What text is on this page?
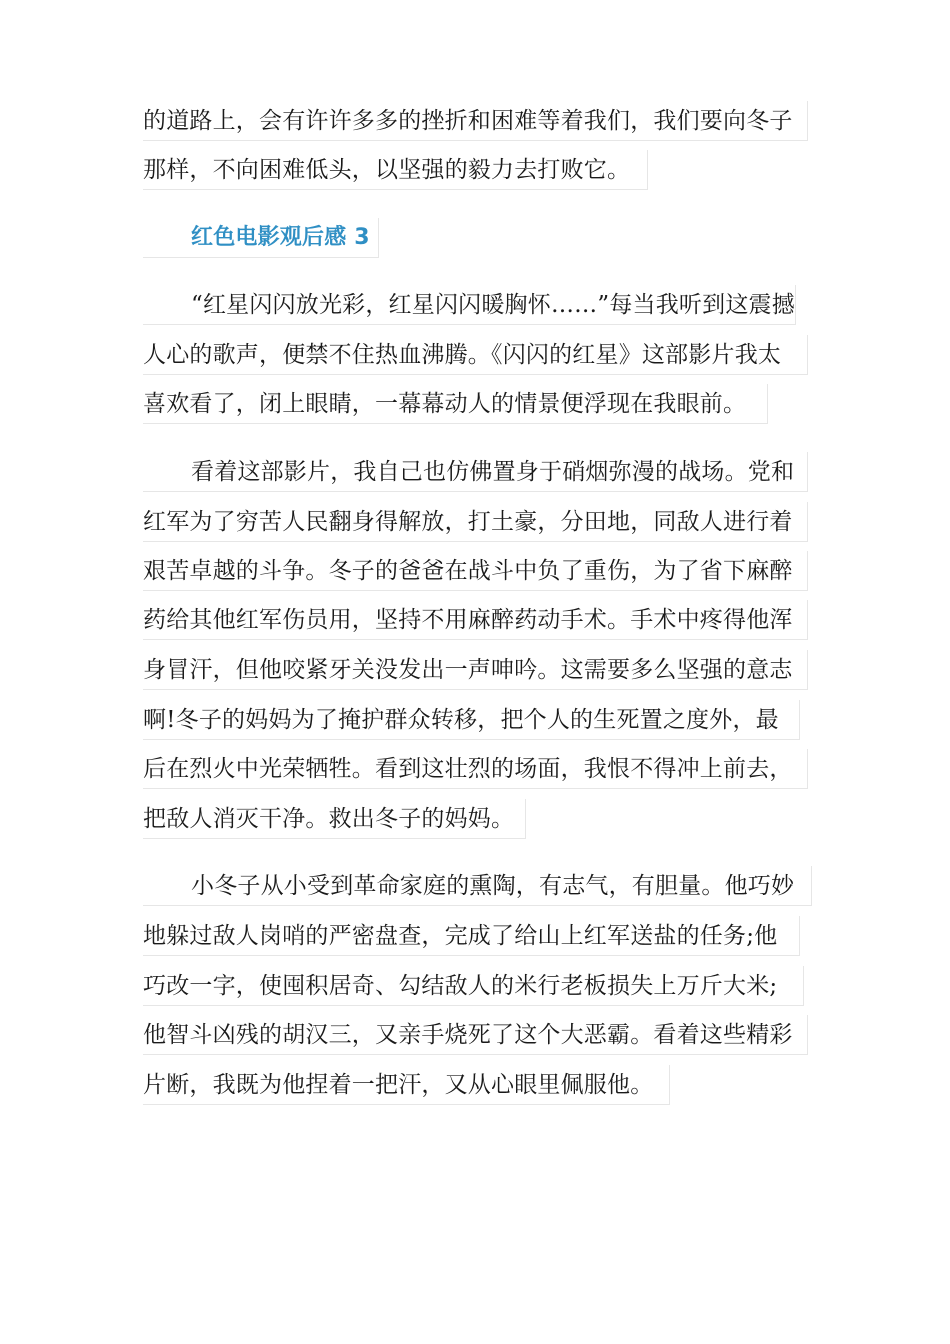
的道路上，会有许许多多的挫折和困难等着我们，我们要向冬子
那样，不向困难低头，以坚强的毅力去打败它。
红色电影观后感 3
“红星闪闪放光彩，红星闪闪暖胸怀……”每当我听到这震撼
人心的歌声，便禁不住热血沸腾。《闪闪的红星》这部影片我太
喜欢看了，闭上眼睛，一幕幕动人的情景便浮现在我眼前。
看着这部影片，我自己也仿佛置身于硝烟弥漫的战场。党和
红军为了穷苦人民翻身得解放，打土豪，分田地，同敌人进行着
艰苦卓越的斗争。冬子的爸爸在战斗中负了重伤，为了省下麻醉
药给其他红军伤员用，坚持不用麻醉药动手术。手术中疼得他浑
身冒汗，但他咬紧牙关没发出一声呻吟。这需要多么坚强的意志
啊!冬子的妈妈为了掩护群众转移，把个人的生死置之度外，最
后在烈火中光荣牺牲。看到这壮烈的场面，我恨不得冲上前去，
把敌人消灭干净。救出冬子的妈妈。
小冬子从小受到革命家庭的熏陶，有志气，有胆量。他巧妙
地躲过敌人岗哨的严密盘查，完成了给山上红军送盐的任务;他
巧改一字，使囤积居奇、勾结敌人的米行老板损失上万斤大米;
他智斗凶残的胡汉三，又亲手烧死了这个大恶霸。看着这些精彩
片断，我既为他捏着一把汗，又从心眼里佩服他。
